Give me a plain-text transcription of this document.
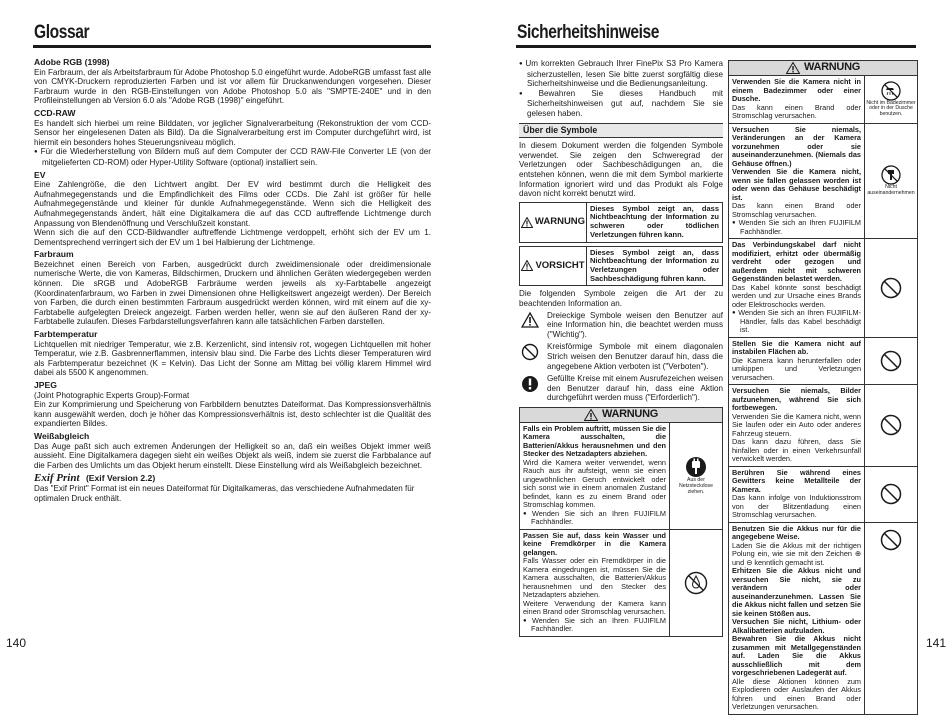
Glossar

Adobe RGB (1998)

Ein Farbraum, der als Arbeitsfarbraum für Adobe Photoshop 5.0 eingeführt wurde. AdobeRGB umfasst fast alle von CMYK-Druckern reproduzierten Farben und ist vor allem für Druckanwendungen vorgesehen. Dieser Farbraum wurde in den RGB-Einstellungen von Adobe Photoshop 5.0 als "SMPTE-240E" und in den Profileinstellungen ab Version 6.0 als "Adobe RGB (1998)" eingeführt.

CCD-RAW

Es handelt sich hierbei um reine Bilddaten, vor jeglicher Signalverarbeitung (Rekonstruktion der vom CCD-Sensor her eingelesenen Daten als Bild). Da die Signalverarbeitung erst im Computer durchgeführt wird, ist hiermit ein besonders hohes Steuerungsniveau möglich.

● Für die Wiederherstellung von Bildern muß auf dem Computer der CCD RAW-File Converter LE (von der mitgelieferten CD-ROM) oder Hyper-Utility Software (optional) installiert sein.

EV

Eine Zahlengröße, die den Lichtwert angibt. Der EV wird bestimmt durch die Helligkeit des Aufnahmegegenstands und die Empfindlichkeit des Films oder CCDs. Die Zahl ist größer für helle Aufnahmegegenstände und kleiner für dunkle Aufnahmegegenstände. Wenn sich die Helligkeit des Aufnahmegegenstands ändert, hält eine Digitalkamera die auf das CCD auftreffende Lichtmenge durch Anpassung von Blendenöffnung und Verschlußzeit konstant.

Wenn sich die auf den CCD-Bildwandler auftreffende Lichtmenge verdoppelt, erhöht sich der EV um 1. Dementsprechend verringert sich der EV um 1 bei Halbierung der Lichtmenge.

Farbraum

Bezeichnet einen Bereich von Farben, ausgedrückt durch zweidimensionale oder dreidimensionale numerische Werte, die von Kameras, Bildschirmen, Druckern und ähnlichen Geräten wiedergegeben werden können. Die sRGB und AdobeRGB Farbräume werden jeweils als xy-Farbtabelle angezeigt (Koordinatenfarbraum, wo Farben in zwei Dimensionen ohne Helligkeitswert angezeigt werden). Der Bereich von Farben, die durch einen bestimmten Farbraum ausgedrückt werden können, wird mit einem auf die xy-Farbtabelle aufgelegten Dreieck angezeigt. Farben werden heller, wenn sie auf den äußeren Rand der xy-Farbtabelle zulaufen. Dieses Farbdarstellungsverfahren kann alle tatsächlichen Farben darstellen.

Farbtemperatur

Lichtquellen mit niedriger Temperatur, wie z.B. Kerzenlicht, sind intensiv rot, wogegen Lichtquellen mit hoher Temperatur, wie z.B. Gasbrennerflammen, intensiv blau sind. Die Farbe des Lichts dieser Temperaturen wird als Farbtemperatur bezeichnet (K = Kelvin). Das Licht der Sonne am Mittag bei völlig klarem Himmel wird dabei als 5500 K angenommen.

JPEG

(Joint Photographic Experts Group)-Format

Ein zur Komprimierung und Speicherung von Farbbildern benutztes Dateiformat. Das Kompressionsverhältnis kann ausgewählt werden, doch je höher das Kompressionsverhältnis ist, desto schlechter ist die Qualität des expandierten Bildes.

Weißabgleich

Das Auge paßt sich auch extremen Änderungen der Helligkeit so an, daß ein weißes Objekt immer weiß aussieht. Eine Digitalkamera dagegen sieht ein weißes Objekt als weiß, indem sie zuerst die Farbbalance auf die Farben des Umlichts um das Objekt herum einstellt. Diese Einstellung wird als Weißabgleich bezeichnet.

Exif Print (Exif Version 2.2)

Das "Exif Print" Format ist ein neues Dateiformat für Digitalkameras, das verschiedene Aufnahmedaten für optimalen Druck enthält.

140
Sicherheitshinweise

● Um korrekten Gebrauch Ihrer FinePix S3 Pro Kamera sicherzustellen, lesen Sie bitte zuerst sorgfältig diese Sicherheitshinweise und die Bedienungsanleitung.

● Bewahren Sie dieses Handbuch mit Sicherheitshinweisen gut auf, nachdem Sie sie gelesen haben.

Über die Symbole

In diesem Dokument werden die folgenden Symbole verwendet. Sie zeigen den Schweregrad der Verletzungen oder Sachbeschädigungen an, die entstehen können, wenn die mit dem Symbol markierte Information ignoriert wird und das Produkt als Folge davon nicht korrekt benutzt wird.

WARNUNG
Dieses Symbol zeigt an, dass Nichtbeachtung der Information zu schweren oder tödlichen Verletzungen führen kann.
VORSICHT
Dieses Symbol zeigt an, dass Nichtbeachtung der Information zu Verletzungen oder Sachbeschädigung führen kann.

Die folgenden Symbole zeigen die Art der zu beachtenden Information an.

Dreieckige Symbole weisen den Benutzer auf eine Information hin, die beachtet werden muss ("Wichtig").
Kreisförmige Symbole mit einem diagonalen Strich weisen den Benutzer darauf hin, dass die angegebene Aktion verboten ist ("Verboten").
Gefüllte Kreise mit einem Ausrufezeichen weisen den Benutzer darauf hin, dass eine Aktion durchgeführt werden muss ("Erforderlich").
WARNUNG

Falls ein Problem auftritt, müssen Sie die Kamera ausschalten, die Batterien/Akkus herausnehmen und den Stecker des Netzadapters abziehen.

Wird die Kamera weiter verwendet, wenn Rauch aus ihr aufsteigt, wenn sie einen ungewöhnlichen Geruch entwickelt oder sich sonst wie in einem anomalen Zustand befindet, kann es zu einem Brand oder Stromschlag kommen.

● Wenden Sie sich an Ihren FUJIFILM Fachhändler.

Aus der Netzsteckdose ziehen.

Passen Sie auf, dass kein Wasser und keine Fremdkörper in die Kamera gelangen.

Falls Wasser oder ein Fremdkörper in die Kamera eingedrungen ist, müssen Sie die Kamera ausschalten, die Batterien/Akkus herausnehmen und den Stecker des Netzadapters abziehen.
Weitere Verwendung der Kamera kann einen Brand oder Stromschlag verursachen.

● Wenden Sie sich an Ihren FUJIFILM Fachhändler.

WARNUNG

Verwenden Sie die Kamera nicht in einem Badezimmer oder einer Dusche.

Das kann einen Brand oder Stromschlag verursachen.

Nicht im Badezimmer oder in der Dusche benutzen.

Versuchen Sie niemals, Veränderungen an der Kamera vorzunehmen oder sie auseinanderzunehmen. (Niemals das Gehäuse öffnen.)
Verwenden Sie die Kamera nicht, wenn sie fallen gelassen worden ist oder wenn das Gehäuse beschädigt ist.

Das kann einen Brand oder Stromschlag verursachen.

● Wenden Sie sich an Ihren FUJIFILM Fachhändler.

Nicht auseinandernehmen

Das Verbindungskabel darf nicht modifiziert, erhitzt oder übermäßig verdreht oder gezogen und außerdem nicht mit schweren Gegenständen belastet werden.

Das Kabel könnte sonst beschädigt werden und zur Ursache eines Brands oder Elektroschocks werden.

● Wenden Sie sich an Ihren FUJIFILM-Händler, falls das Kabel beschädigt ist.

Stellen Sie die Kamera nicht auf instabilen Flächen ab.

Die Kamera kann herunterfallen oder umkippen und Verletzungen verursachen.

Versuchen Sie niemals, Bilder aufzunehmen, während Sie sich fortbewegen.

Verwenden Sie die Kamera nicht, wenn Sie laufen oder ein Auto oder anderes Fahrzeug steuern.
Das kann dazu führen, dass Sie hinfallen oder in einen Verkehrsunfall verwickelt werden.

Berühren Sie während eines Gewitters keine Metallteile der Kamera.

Das kann infolge von Induktionsstrom von der Blitzentladung einen Stromschlag verursachen.

Benutzen Sie die Akkus nur für die angegebene Weise.

Laden Sie die Akkus mit der richtigen Polung ein, wie sie mit den Zeichen ⊕ und ⊖ kenntlich gemacht ist.

Erhitzen Sie die Akkus nicht und versuchen Sie nicht, sie zu verändern oder auseinanderzunehmen. Lassen Sie die Akkus nicht fallen und setzen Sie sie keinen Stößen aus.
Versuchen Sie nicht, Lithium- oder Alkalibatterien aufzuladen.

Bewahren Sie die Akkus nicht zusammen mit Metallgegenständen auf. Laden Sie die Akkus ausschließlich mit dem vorgeschriebenen Ladegerät auf.

Alle diese Aktionen können zum Explodieren oder Auslaufen der Akkus führen und einen Brand oder Verletzungen verursachen.

141
